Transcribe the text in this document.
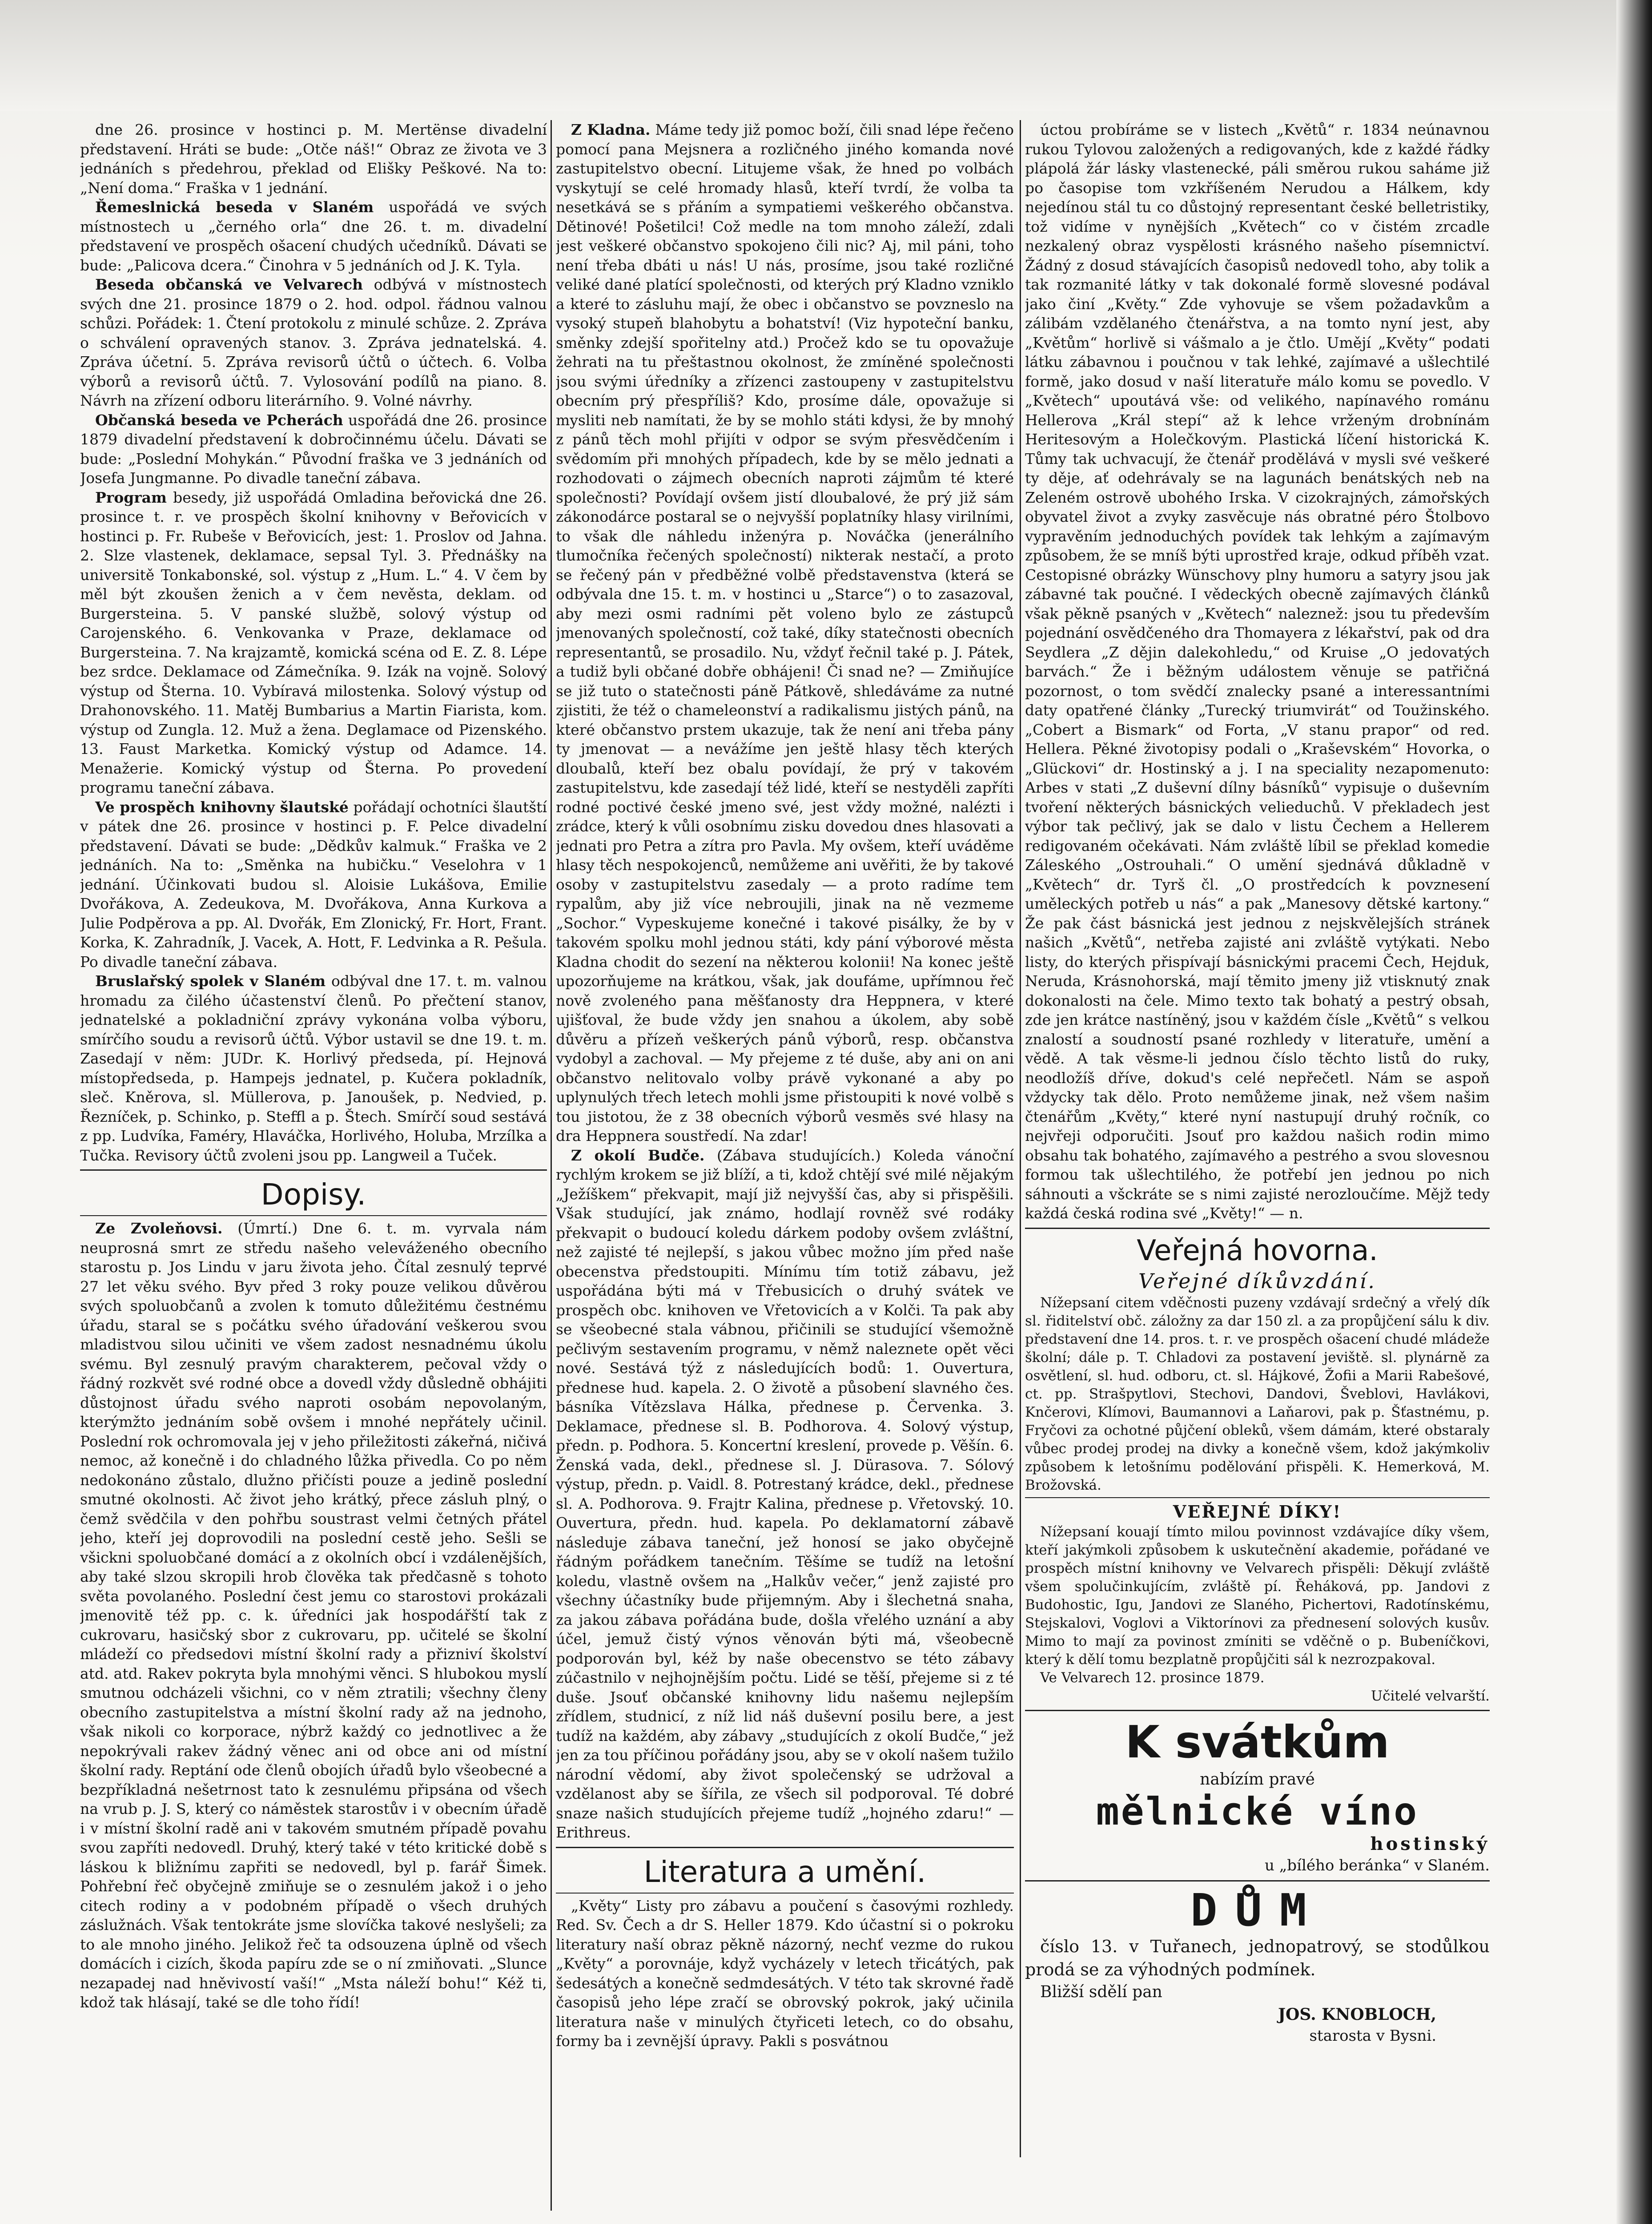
dne 26. prosince v hostinci p. M. Mertënse divadelní představení. Hráti se bude: „Otče náš!“ Obraz ze života ve 3 jednáních s předehrou, překlad od Elišky Peškové. Na to: „Není doma.“ Fraška v 1 jednání.

Řemeslnická beseda v Slaném uspořádá ve svých místnostech u „černého orla“ dne 26. t. m. divadelní představení ve prospěch ošacení chudých učedníků. Dávati se bude: „Palicova dcera.“ Činohra v 5 jednáních od J. K. Tyla.

Beseda občanská ve Velvarech odbývá v místnostech svých dne 21. prosince 1879 o 2. hod. odpol. řádnou valnou schůzi. Pořádek: 1. Čtení protokolu z minulé schůze. 2. Zpráva o schválení opravených stanov. 3. Zpráva jednatelská. 4. Zpráva účetní. 5. Zpráva revisorů účtů o účtech. 6. Volba výborů a revisorů účtů. 7. Vylosování podílů na piano. 8. Návrh na zřízení odboru literárního. 9. Volné návrhy.

Občanská beseda ve Pcherách uspořádá dne 26. prosince 1879 divadelní představení k dobročinnému účelu. Dávati se bude: „Poslední Mohykán.“ Původní fraška ve 3 jednáních od Josefa Jungmanne. Po divadle taneční zábava.

Program besedy, již uspořádá Omladina beřovická dne 26. prosince t. r. ve prospěch školní knihovny v Beřovicích v hostinci p. Fr. Rubeše v Beřovicích, jest: 1. Proslov od Jahna. 2. Slze vlastenek, deklamace, sepsal Tyl. 3. Přednášky na universitě Tonkabonské, sol. výstup z „Hum. L.“ 4. V čem by měl být zkoušen ženich a v čem nevěsta, deklam. od Burgersteina. 5. V panské službě, solový výstup od Carojenského. 6. Venkovanka v Praze, deklamace od Burgersteina. 7. Na krajzamtě, komická scéna od E. Z. 8. Lépe bez srdce. Deklamace od Zámečníka. 9. Izák na vojně. Solový výstup od Šterna. 10. Vybíravá milostenka. Solový výstup od Drahonovského. 11. Matěj Bumbarius a Martin Fiarista, kom. výstup od Zungla. 12. Muž a žena. Deglamace od Pizenského. 13. Faust Marketka. Komický výstup od Adamce. 14. Menažerie. Komický výstup od Šterna. Po provedení programu taneční zábava.

Ve prospěch knihovny šlautské pořádají ochotníci šlautští v pátek dne 26. prosince v hostinci p. F. Pelce divadelní představení. Dávati se bude: „Dědkův kalmuk.“ Fraška ve 2 jednáních. Na to: „Směnka na hubičku.“ Veselohra v 1 jednání. Účinkovati budou sl. Aloisie Lukášova, Emilie Dvořákova, A. Zedeukova, M. Dvořákova, Anna Kurkova a Julie Podpěrova a pp. Al. Dvořák, Em Zlonický, Fr. Hort, Frant. Korka, K. Zahradník, J. Vacek, A. Hott, F. Ledvinka a R. Pešula. Po divadle taneční zábava.

Bruslařský spolek v Slaném odbýval dne 17. t. m. valnou hromadu za čilého účastenství členů. Po přečtení stanov, jednatelské a pokladniční zprávy vykonána volba výboru, smírčího soudu a revisorů účtů. Výbor ustavil se dne 19. t. m. Zasedají v něm: JUDr. K. Horlivý předseda, pí. Hejnová místopředseda, p. Hampejs jednatel, p. Kučera pokladník, sleč. Kněrova, sl. Müllerova, p. Janoušek, p. Nedvied, p. Řezníček, p. Schinko, p. Steffl a p. Štech. Smírčí soud sestává z pp. Ludvíka, Faméry, Hlaváčka, Horlivého, Holuba, Mrzílka a Tučka. Revisory účtů zvoleni jsou pp. Langweil a Tuček.

Dopisy.

Ze Zvoleňovsi. (Úmrtí.) Dne 6. t. m. vyrvala nám neuprosná smrt ze středu našeho veleváženého obecního starostu p. Jos Lindu v jaru života jeho. Čítal zesnulý teprvé 27 let věku svého. Byv před 3 roky pouze velikou důvěrou svých spoluobčanů a zvolen k tomuto důležitému čestnému úřadu, staral se s počátku svého úřadování veškerou svou mladistvou silou učiniti ve všem zadost nesnadnému úkolu svému. Byl zesnulý pravým charakterem, pečoval vždy o řádný rozkvět své rodné obce a dovedl vždy důsledně obhájiti důstojnost úřadu svého naproti osobám nepovolaným, kterýmžto jednáním sobě ovšem i mnohé nepřátely učinil. Poslední rok ochromovala jej v jeho přiležitosti zákeřná, ničivá nemoc, až konečně i do chladného lůžka přivedla. Co po něm nedokonáno zůstalo, dlužno přičísti pouze a jedině poslední smutné okolnosti. Ač život jeho krátký, přece zásluh plný, o čemž svědčila v den pohřbu soustrast velmi četných přátel jeho, kteří jej doprovodili na poslední cestě jeho. Sešli se všickni spoluobčané domácí a z okolních obcí i vzdálenějších, aby také slzou skropili hrob člověka tak předčasně s tohoto světa povolaného. Poslední čest jemu co starostovi prokázali jmenovitě též pp. c. k. úředníci jak hospodářští tak z cukrovaru, hasičský sbor z cukrovaru, pp. učitelé se školní mládeží co předsedovi místní školní rady a přizniví školství atd. atd. Rakev pokryta byla mnohými věnci. S hlubokou myslí smutnou odcházeli všichni, co v něm ztratili; všechny členy obecního zastupitelstva a místní školní rady až na jednoho, však nikoli co korporace, nýbrž každý co jednotlivec a že nepokrývali rakev žádný věnec ani od obce ani od místní školní rady. Reptání ode členů obojích úřadů bylo všeobecné a bezpříkladná nešetrnost tato k zesnulému připsána od všech na vrub p. J. S, který co náměstek starostův i v obecním úřadě i v místní školní radě ani v takovém smutném případě povahu svou zapříti nedovedl. Druhý, který také v této kritické době s láskou k bližnímu zapřiti se nedovedl, byl p. farář Šimek. Pohřební řeč obyčejně zmiňuje se o zesnulém jakož i o jeho citech rodiny a v podobném případě o všech druhých záslužnách. Však tentokráte jsme slovíčka takové neslyšeli; za to ale mnoho jiného. Jelikož řeč ta odsouzena úplně od všech domácích i cizích, škoda papíru zde se o ní zmiňovati. „Slunce nezapadej nad hněvivostí vaší!“ „Msta náleží bohu!“ Kéž ti, kdož tak hlásají, také se dle toho řídí!

Z Kladna. Máme tedy již pomoc boží, čili snad lépe řečeno pomocí pana Mejsnera a rozličného jiného komanda nové zastupitelstvo obecní. Litujeme však, že hned po volbách vyskytují se celé hromady hlasů, kteří tvrdí, že volba ta nesetkává se s přáním a sympatiemi veškerého občanstva. Dětinové! Pošetilci! Což medle na tom mnoho záleží, zdali jest veškeré občanstvo spokojeno čili nic? Aj, mil páni, toho není třeba dbáti u nás! U nás, prosíme, jsou také rozličné veliké dané platící společnosti, od kterých prý Kladno vzniklo a které to zásluhu mají, že obec i občanstvo se povzneslo na vysoký stupeň blahobytu a bohatství! (Viz hypoteční banku, směnky zdejší spořitelny atd.) Pročež kdo se tu opovažuje žehrati na tu přeštastnou okolnost, že zmíněné společnosti jsou svými úředníky a zřízenci zastoupeny v zastupitelstvu obecním prý přespříliš? Kdo, prosíme dále, opovažuje si mysliti neb namítati, že by se mohlo státi kdysi, že by mnohý z pánů těch mohl přijíti v odpor se svým přesvědčením i svědomím při mnohých případech, kde by se mělo jednati a rozhodovati o zájmech obecních naproti zájmům té které společnosti? Povídají ovšem jistí dloubalové, že prý již sám zákonodárce postaral se o nejvyšší poplatníky hlasy virilními, to však dle náhledu inženýra p. Nováčka (jenerálního tlumočníka řečených společností) nikterak nestačí, a proto se řečený pán v předběžné volbě představenstva (která se odbývala dne 15. t. m. v hostinci u „Starce“) o to zasazoval, aby mezi osmi radními pět voleno bylo ze zástupců jmenovaných společností, což také, díky statečnosti obecních representantů, se prosadilo. Nu, vždyť řečnil také p. J. Pátek, a tudiž byli občané dobře obhájeni! Či snad ne? — Zmiňujíce se již tuto o statečnosti páně Pátkově, shledáváme za nutné zjistiti, že též o chameleonství a radikalismu jistých pánů, na které občanstvo prstem ukazuje, tak že není ani třeba pány ty jmenovat — a nevážíme jen ještě hlasy těch kterých dloubalů, kteří bez obalu povídají, že prý v takovém zastupitelstvu, kde zasedají též lidé, kteří se nestyděli zapříti rodné poctivé české jmeno své, jest vždy možné, nalézti i zrádce, který k vůli osobnímu zisku dovedou dnes hlasovati a jednati pro Petra a zítra pro Pavla. My ovšem, kteří uváděme hlasy těch nespokojenců, nemůžeme ani uvěřiti, že by takové osoby v zastupitelstvu zasedaly — a proto radíme tem rypalům, aby již více nebroujili, jinak na ně vezmeme „Sochor.“ Vypeskujeme konečné i takové pisálky, že by v takovém spolku mohl jednou státi, kdy pání výborové města Kladna chodit do sezení na některou kolonii! Na konec ještě upozorňujeme na krátkou, však, jak doufáme, upřímnou řeč nově zvoleného pana měšťanosty dra Heppnera, v které ujišťoval, že bude vždy jen snahou a úkolem, aby sobě důvěru a přízeň veškerých pánů výborů, resp. občanstva vydobyl a zachoval. — My přejeme z té duše, aby ani on ani občanstvo nelitovalo volby právě vykonané a aby po uplynulých třech letech mohli jsme přistoupiti k nové volbě s tou jistotou, že z 38 obecních výborů vesměs své hlasy na dra Heppnera soustředí. Na zdar!

Z okolí Budče. (Zábava studujících.) Koleda vánoční rychlým krokem se již blíží, a ti, kdož chtějí své milé nějakým „Ježíškem“ překvapit, mají již nejvyšší čas, aby si přispěšili. Však studující, jak známo, hodlají rovněž své rodáky překvapit o budoucí koledu dárkem podoby ovšem zvláštní, než zajisté té nejlepší, s jakou vůbec možno jím před naše obecenstva předstoupiti. Mínímu tím totiž zábavu, jež uspořádána býti má v Třebusicích o druhý svátek ve prospěch obc. knihoven ve Vřetovicích a v Kolči. Ta pak aby se všeobecné stala vábnou, přičinili se studující všemožně pečlivým sestavením programu, v němž naleznete opět věci nové. Sestává týž z následujících bodů: 1. Ouvertura, přednese hud. kapela. 2. O životě a působení slavného čes. básníka Vítězslava Hálka, přednese p. Červenka. 3. Deklamace, přednese sl. B. Podhorova. 4. Solový výstup, předn. p. Podhora. 5. Koncertní kreslení, provede p. Věšín. 6. Ženská vada, dekl., přednese sl. J. Dürasova. 7. Sólový výstup, předn. p. Vaidl. 8. Potrestaný krádce, dekl., přednese sl. A. Podhorova. 9. Frajtr Kalina, přednese p. Vřetovský. 10. Ouvertura, předn. hud. kapela. Po deklamatorní zábavě následuje zábava taneční, jež honosí se jako obyčejně řádným pořádkem tanečním. Těšíme se tudíž na letošní koledu, vlastně ovšem na „Halkův večer,“ jenž zajisté pro všechny účastníky bude přijemným. Aby i šlechetná snaha, za jakou zábava pořádána bude, došla vřelého uznání a aby účel, jemuž čistý výnos věnován býti má, všeobecně podporován byl, kéž by naše obecenstvo se této zábavy zúčastnilo v nejhojnějším počtu. Lidé se těší, přejeme si z té duše. Jsouť občanské knihovny lidu našemu nejlepším zřídlem, studnicí, z níž lid náš duševní posilu bere, a jest tudíž na každém, aby zábavy „studujících z okolí Budče,“ jež jen za tou příčinou pořádány jsou, aby se v okolí našem tužilo národní vědomí, aby život společenský se udržoval a vzdělanost aby se šířila, ze všech sil podporoval. Té dobré snaze našich studujících přejeme tudíž „hojného zdaru!“ — Erithreus.

Literatura a umění.

„Květy“ Listy pro zábavu a poučení s časovými rozhledy. Red. Sv. Čech a dr S. Heller 1879. Kdo účastní si o pokroku literatury naší obraz pěkně názorný, nechť vezme do rukou „Květy“ a porovnáje, když vycházely v letech třicátých, pak šedesátých a konečně sedmdesátých. V této tak skrovné řadě časopisů jeho lépe zračí se obrovský pokrok, jaký učinila literatura naše v minulých čtyřiceti letech, co do obsahu, formy ba i zevnější úpravy. Pakli s posvátnou

úctou probíráme se v listech „Květů“ r. 1834 neúnavnou rukou Tylovou založených a redigovaných, kde z každé řádky plápolá žár lásky vlastenecké, páli směrou rukou saháme již po časopise tom vzkříšeném Nerudou a Hálkem, kdy nejedínou stál tu co důstojný representant české belletristiky, tož vidíme v nynějších „Květech“ co v čistém zrcadle nezkalený obraz vyspělosti krásného našeho písemnictví. Žádný z dosud stávajících časopisů nedovedl toho, aby tolik a tak rozmanité látky v tak dokonalé formě slovesné podával jako činí „Květy.“ Zde vyhovuje se všem požadavkům a zálibám vzdělaného čtenářstva, a na tomto nyní jest, aby „Květům“ horlivě si vášmalo a je čtlo. Umějí „Květy“ podati látku zábavnou i poučnou v tak lehké, zajímavé a ušlechtilé formě, jako dosud v naší literatuře málo komu se povedlo. V „Květech“ upoutává vše: od velikého, napínavého románu Hellerova „Král stepí“ až k lehce vrženým drobnínám Heritesovým a Holečkovým. Plastická líčení historická K. Tůmy tak uchvacují, že čtenář prodělává v mysli své veškeré ty děje, ať odehrávaly se na lagunách benátských neb na Zeleném ostrově ubohého Irska. V cizokrajných, zámořských obyvatel život a zvyky zasvěcuje nás obratné péro Štolbovo vypravěním jednoduchých povídek tak lehkým a zajímavým způsobem, že se mníš býti uprostřed kraje, odkud příběh vzat. Cestopisné obrázky Wünschovy plny humoru a satyry jsou jak zábavné tak poučné. I vědeckých obecně zajímavých článků však pěkně psaných v „Květech“ naleznež: jsou tu především pojednání osvědčeného dra Thomayera z lékařství, pak od dra Seydlera „Z dějin dalekohledu,“ od Kruise „O jedovatých barvách.“ Že i běžným událostem věnuje se patřičná pozornost, o tom svědčí znalecky psané a interessantními daty opatřené články „Turecký triumvirát“ od Toužinského. „Cobert a Bismark“ od Forta, „V stanu prapor“ od red. Hellera. Pěkné životopisy podali o „Kraševském“ Hovorka, o „Glückovi“ dr. Hostinský a j. I na speciality nezapomenuto: Arbes v stati „Z duševní dílny básníků“ vypisuje o duševním tvoření některých básnických velieduchů. V překladech jest výbor tak pečlivý, jak se dalo v listu Čechem a Hellerem redigovaném očekávati. Nám zvláště líbil se překlad komedie Záleského „Ostrouhali.“ O umění sjednává důkladně v „Květech“ dr. Tyrš čl. „O prostředcích k povznesení uměleckých potřeb u nás“ a pak „Manesovy dětské kartony.“ Že pak část básnická jest jednou z nejskvělejších stránek našich „Květů“, netřeba zajisté ani zvláště vytýkati. Nebo listy, do kterých přispívají básnickými pracemi Čech, Hejduk, Neruda, Krásnohorská, mají těmito jmeny již vtisknutý znak dokonalosti na čele. Mimo texto tak bohatý a pestrý obsah, zde jen krátce nastíněný, jsou v každém čísle „Květů“ s velkou znalostí a soudností psané rozhledy v literatuře, umění a vědě. A tak věsme-li jednou číslo těchto listů do ruky, neodložíš dříve, dokud's celé nepřečetl. Nám se aspoň vždycky tak dělo. Proto nemůžeme jinak, než všem našim čtenářům „Květy,“ které nyní nastupují druhý ročník, co nejvřeji odporučiti. Jsouť pro každou našich rodin mimo obsahu tak bohatého, zajímavého a pestrého a svou slovesnou formou tak ušlechtilého, že potřebí jen jednou po nich sáhnouti a všckráte se s nimi zajisté nerozloučíme. Mějž tedy každá česká rodina své „Květy!“ — n.

Veřejná hovorna.
Veřejné díkůvzdání.

Nížepsaní citem vděčnosti puzeny vzdávají srdečný a vřelý dík sl. řiditelství obč. záložny za dar 150 zl. a za propůjčení sálu k div. představení dne 14. pros. t. r. ve prospěch ošacení chudé mládeže školní; dále p. T. Chladovi za postavení jeviště. sl. plynárně za osvětlení, sl. hud. odboru, ct. sl. Hájkové, Žofii a Marii Rabešové, ct. pp. Strašpytlovi, Stechovi, Dandovi, Šveblovi, Havlákovi, Knčerovi, Klímovi, Baumannovi a Laňarovi, pak p. Šťastnému, p. Fryčovi za ochotné půjčení obleků, všem dámám, které obstaraly vůbec prodej prodej na divky a konečně všem, kdož jakýmkoliv způsobem k letošnímu podělování přispěli. K. Hemerková, M. Brožovská.

VEŘEJNÉ DÍKY!

Nížepsaní kouají tímto milou povinnost vzdávajíce díky všem, kteří jakýmkoli způsobem k uskutečnění akademie, pořádané ve prospěch místní knihovny ve Velvarech přispěli: Děkují zvláště všem spolučinkujícím, zvláště pí. Řeháková, pp. Jandovi z Budohostic, Igu, Jandovi ze Slaného, Pichertovi, Radotínskému, Stejskalovi, Voglovi a Viktorínovi za přednesení solových kusův. Mimo to mají za povinost zmíniti se vděčně o p. Bubeníčkovi, který k dělí tomu bezplatně propůjčiti sál k nezrozpakoval.

Ve Velvarech 12. prosince 1879.

Učitelé velvarští.
K svátkům
nabízím pravé
mělnické víno
hostinský
u „bílého beránka“ v Slaném.
DŮM

číslo 13. v Tuřanech, jednopatrový, se stodůlkou prodá se za výhodných podmínek.

Bližší sdělí pan

JOS. KNOBLOCH,
starosta v Bysni.
